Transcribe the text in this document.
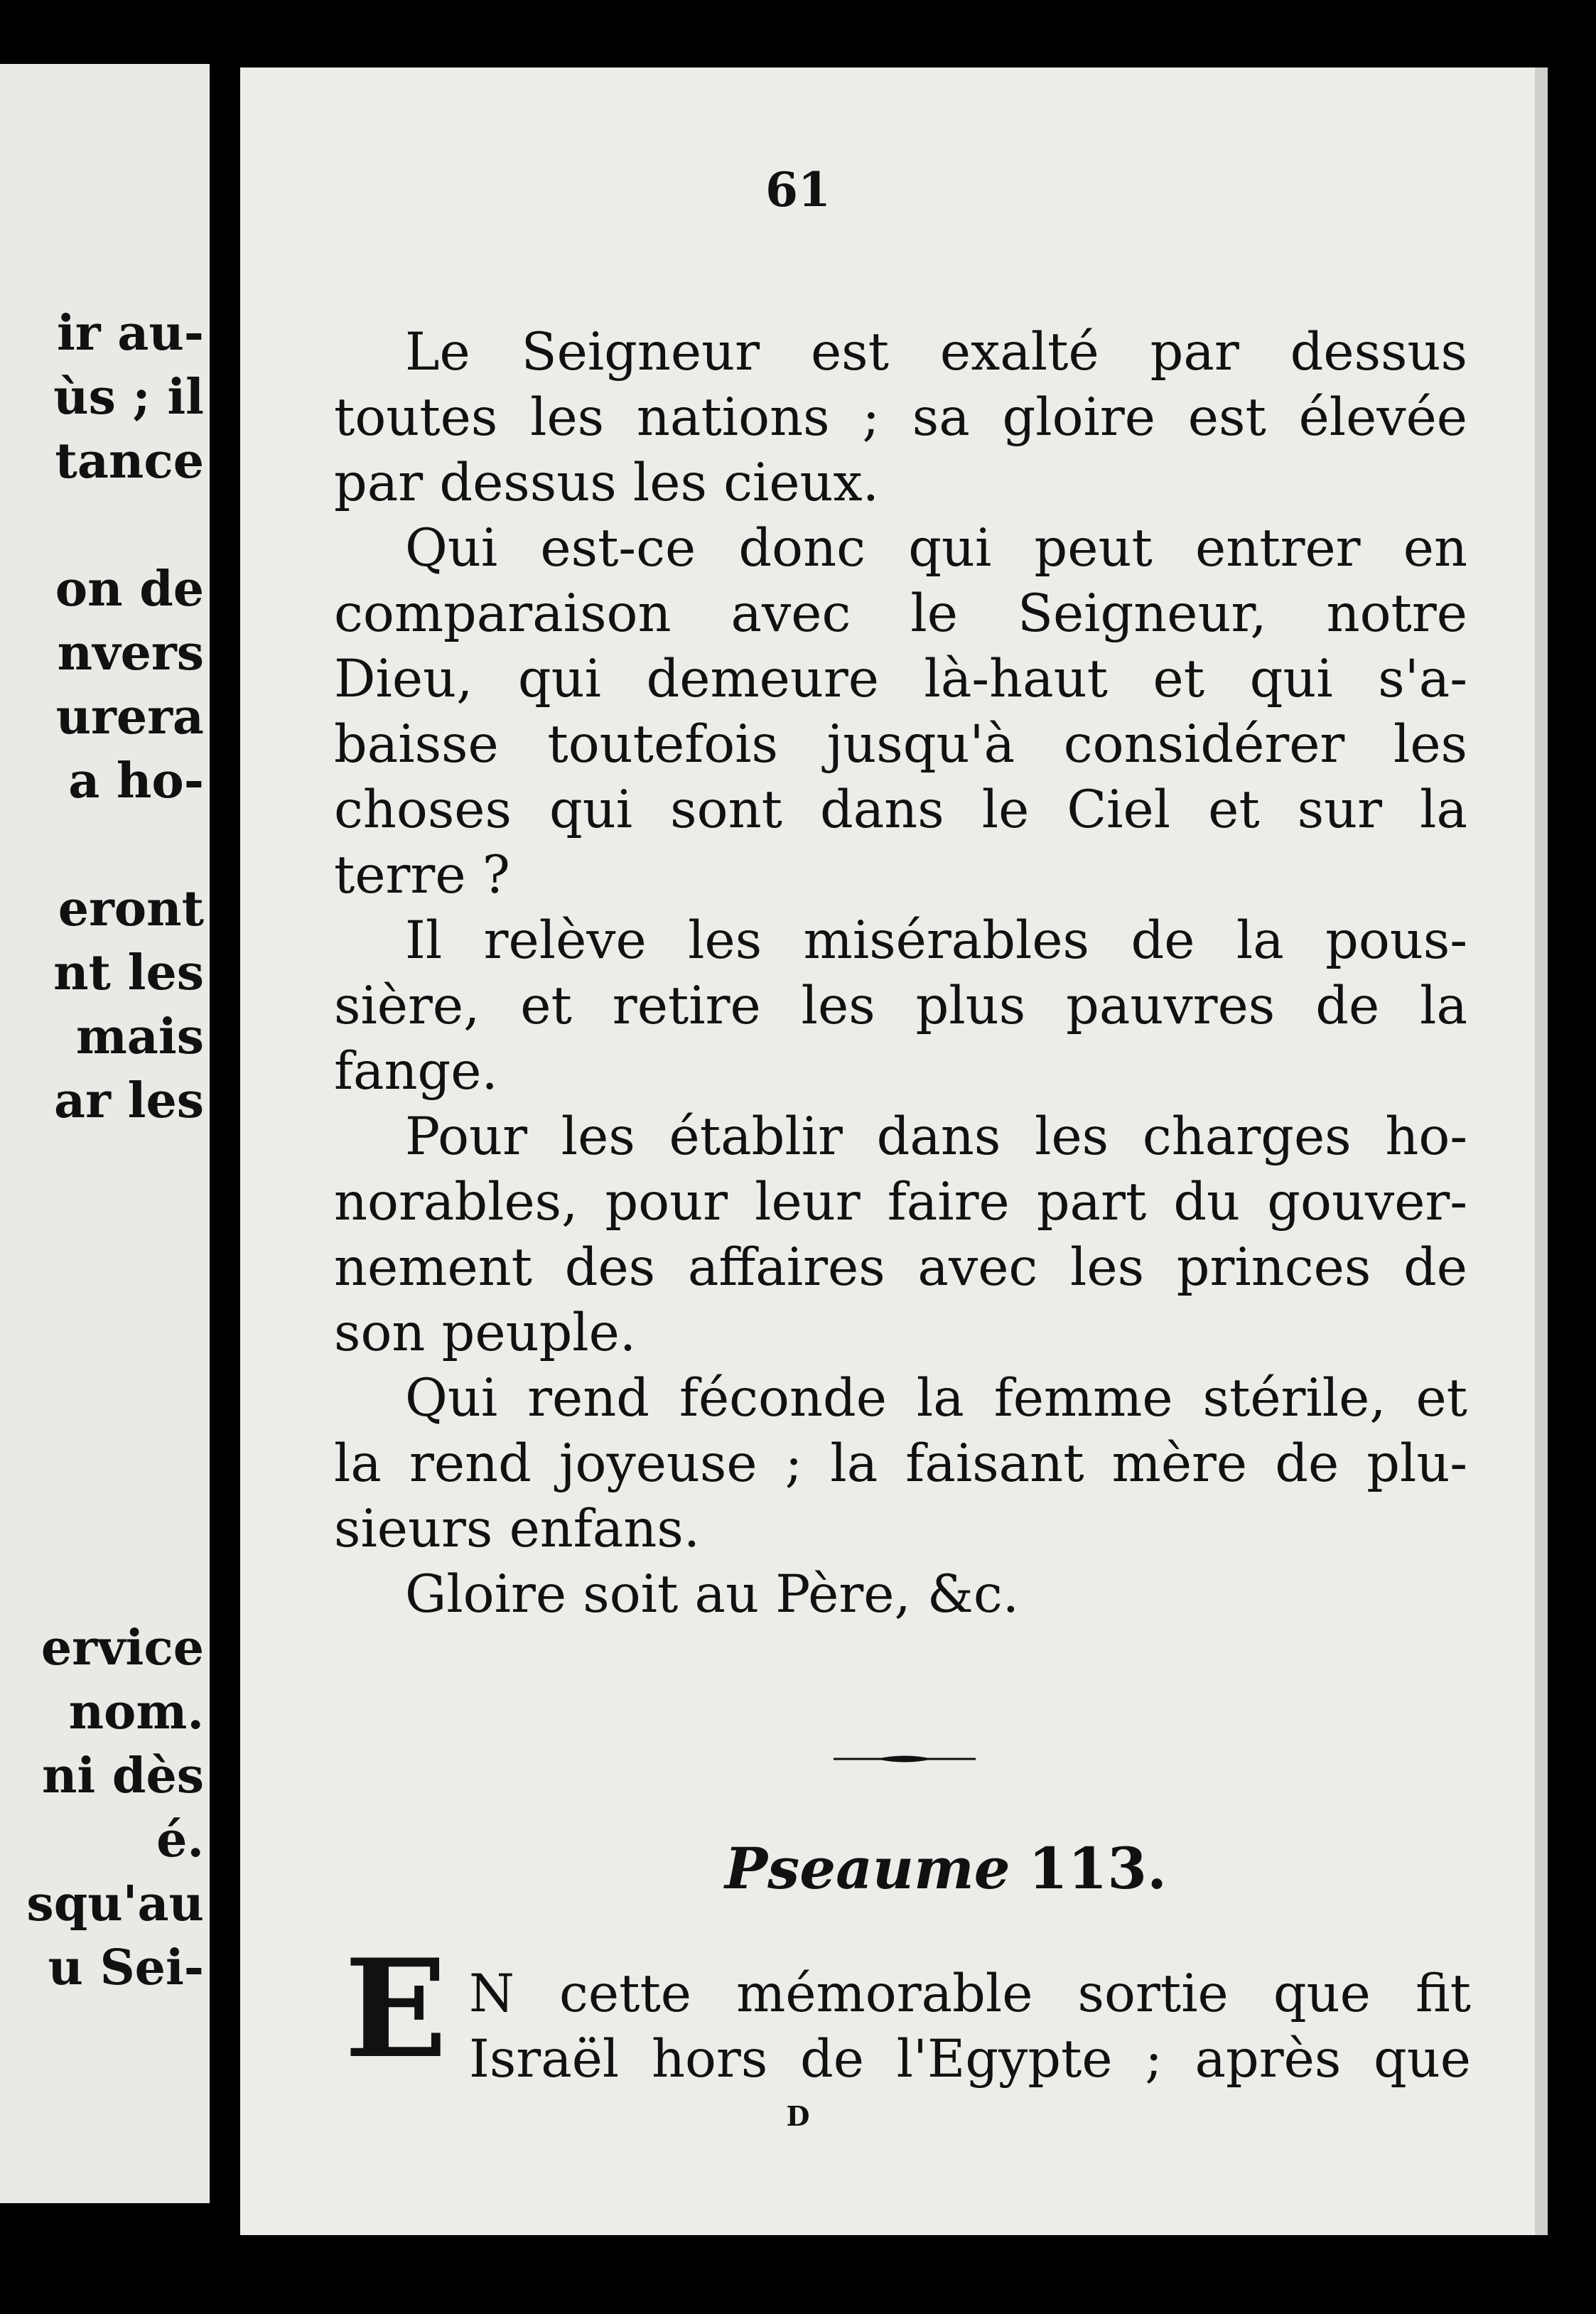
ir au-
ùs ; il
tance
on de
nvers
urera
a ho-
eront
nt les
mais
ar les
ervice
nom.
ni dès
é.
squ'au
u Sei-
61
Le Seigneur est exalté par dessus
toutes les nations ; sa gloire est élevée
par dessus les cieux.
Qui est-ce donc qui peut entrer en
comparaison avec le Seigneur, notre
Dieu, qui demeure là-haut et qui s'a-
baisse toutefois jusqu'à considérer les
choses qui sont dans le Ciel et sur la
terre ?
Il relève les misérables de la pous-
sière, et retire les plus pauvres de la
fange.
Pour les établir dans les charges ho-
norables, pour leur faire part du gouver-
nement des affaires avec les princes de
son peuple.
Qui rend féconde la femme stérile, et
la rend joyeuse ; la faisant mère de plu-
sieurs enfans.
Gloire soit au Père, &c.
Pseaume 113.
E N cette mémorable sortie que fit
Israël hors de l'Egypte ; après que
D
